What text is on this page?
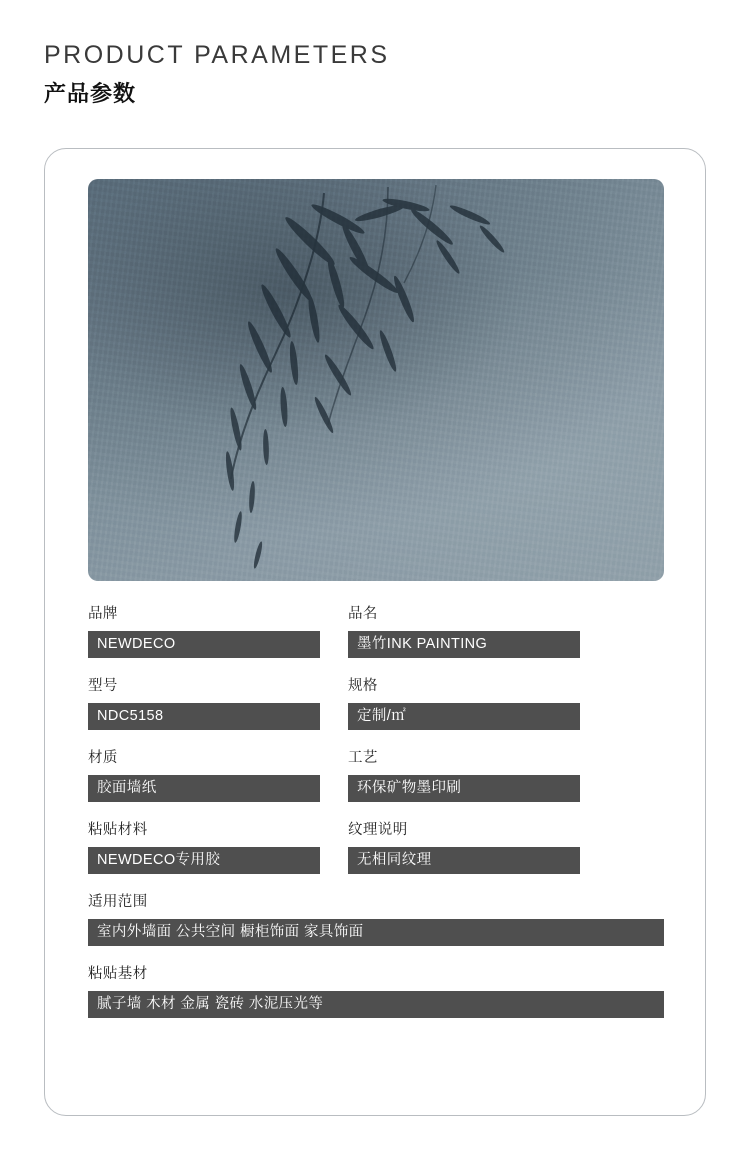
PRODUCT PARAMETERS
产品参数
品牌
NEWDECO
品名
墨竹INK PAINTING
型号
NDC5158
规格
定制/㎡
材质
胶面墙纸
工艺
环保矿物墨印刷
粘贴材料
NEWDECO专用胶
纹理说明
无相同纹理
适用范围
室内外墙面 公共空间 橱柜饰面 家具饰面
粘贴基材
腻子墙 木材 金属 瓷砖 水泥压光等
